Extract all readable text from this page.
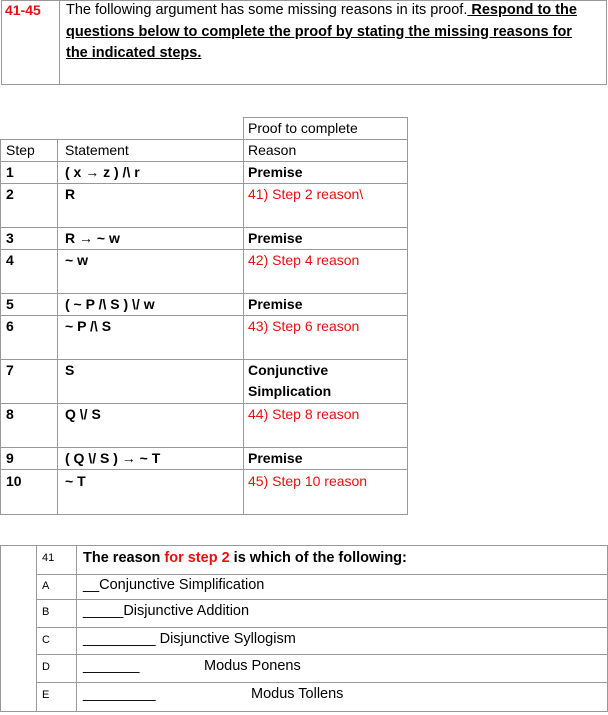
41-45 The following argument has some missing reasons in its proof. Respond to the questions below to complete the proof by stating the missing reasons for the indicated steps.
Proof to complete
Step Statement	Reason
1	( x → z ) /\ r	Premise
2	R	41) Step 2 reason\
3	R → ~ w	Premise
4	~ w	42) Step 4 reason
5	( ~ P /\ S ) \/ w	Premise
6	~ P /\ S	43) Step 6 reason
7	S	Conjunctive
Simplication
8	Q \/ S	44) Step 8 reason
9	( Q \/ S ) → ~ T	Premise
10	~ T	45) Step 10 reason
41 The reason for step 2 is which of the following:
A __Conjunctive Simplification
B _____Disjunctive Addition
C _________ Disjunctive Syllogism
D _______	Modus Ponens
E _________	Modus Tollens
